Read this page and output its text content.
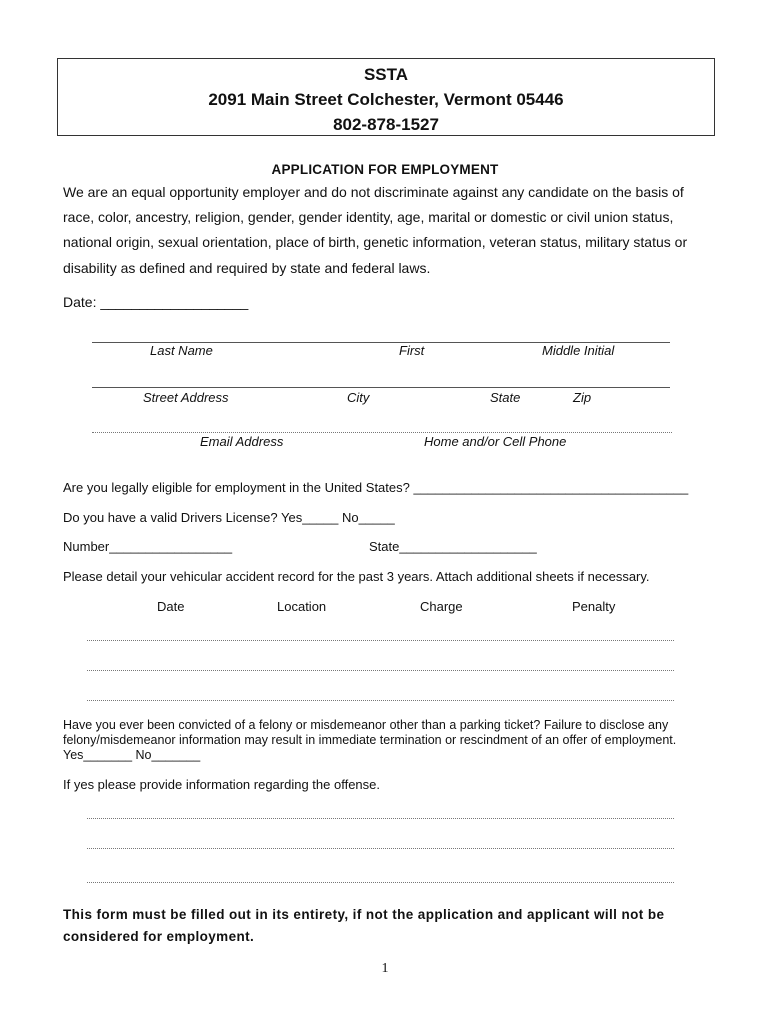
SSTA
2091 Main Street Colchester, Vermont 05446
802-878-1527
APPLICATION FOR EMPLOYMENT
We are an equal opportunity employer and do not discriminate against any candidate on the basis of race, color, ancestry, religion, gender, gender identity, age, marital or domestic or civil union status, national origin, sexual orientation, place of birth, genetic information, veteran status, military status or disability as defined and required by state and federal laws.
Date: ___________________
Last Name	First	Middle Initial
Street Address	City	State	Zip
Email Address	Home and/or Cell Phone
Are you legally eligible for employment in the United States? ______________________________________
Do you have a valid Drivers License? Yes_____ No_____
Number_________________	State___________________
Please detail your vehicular accident record for the past 3 years. Attach additional sheets if necessary.
Date	Location	Charge	Penalty
Have you ever been convicted of a felony or misdemeanor other than a parking ticket? Failure to disclose any
felony/misdemeanor information may result in immediate termination or rescindment of an offer of employment.
Yes_______ No_______
If yes please provide information regarding the offense.
This form must be filled out in its entirety, if not the application and applicant will not be considered for employment.
1
